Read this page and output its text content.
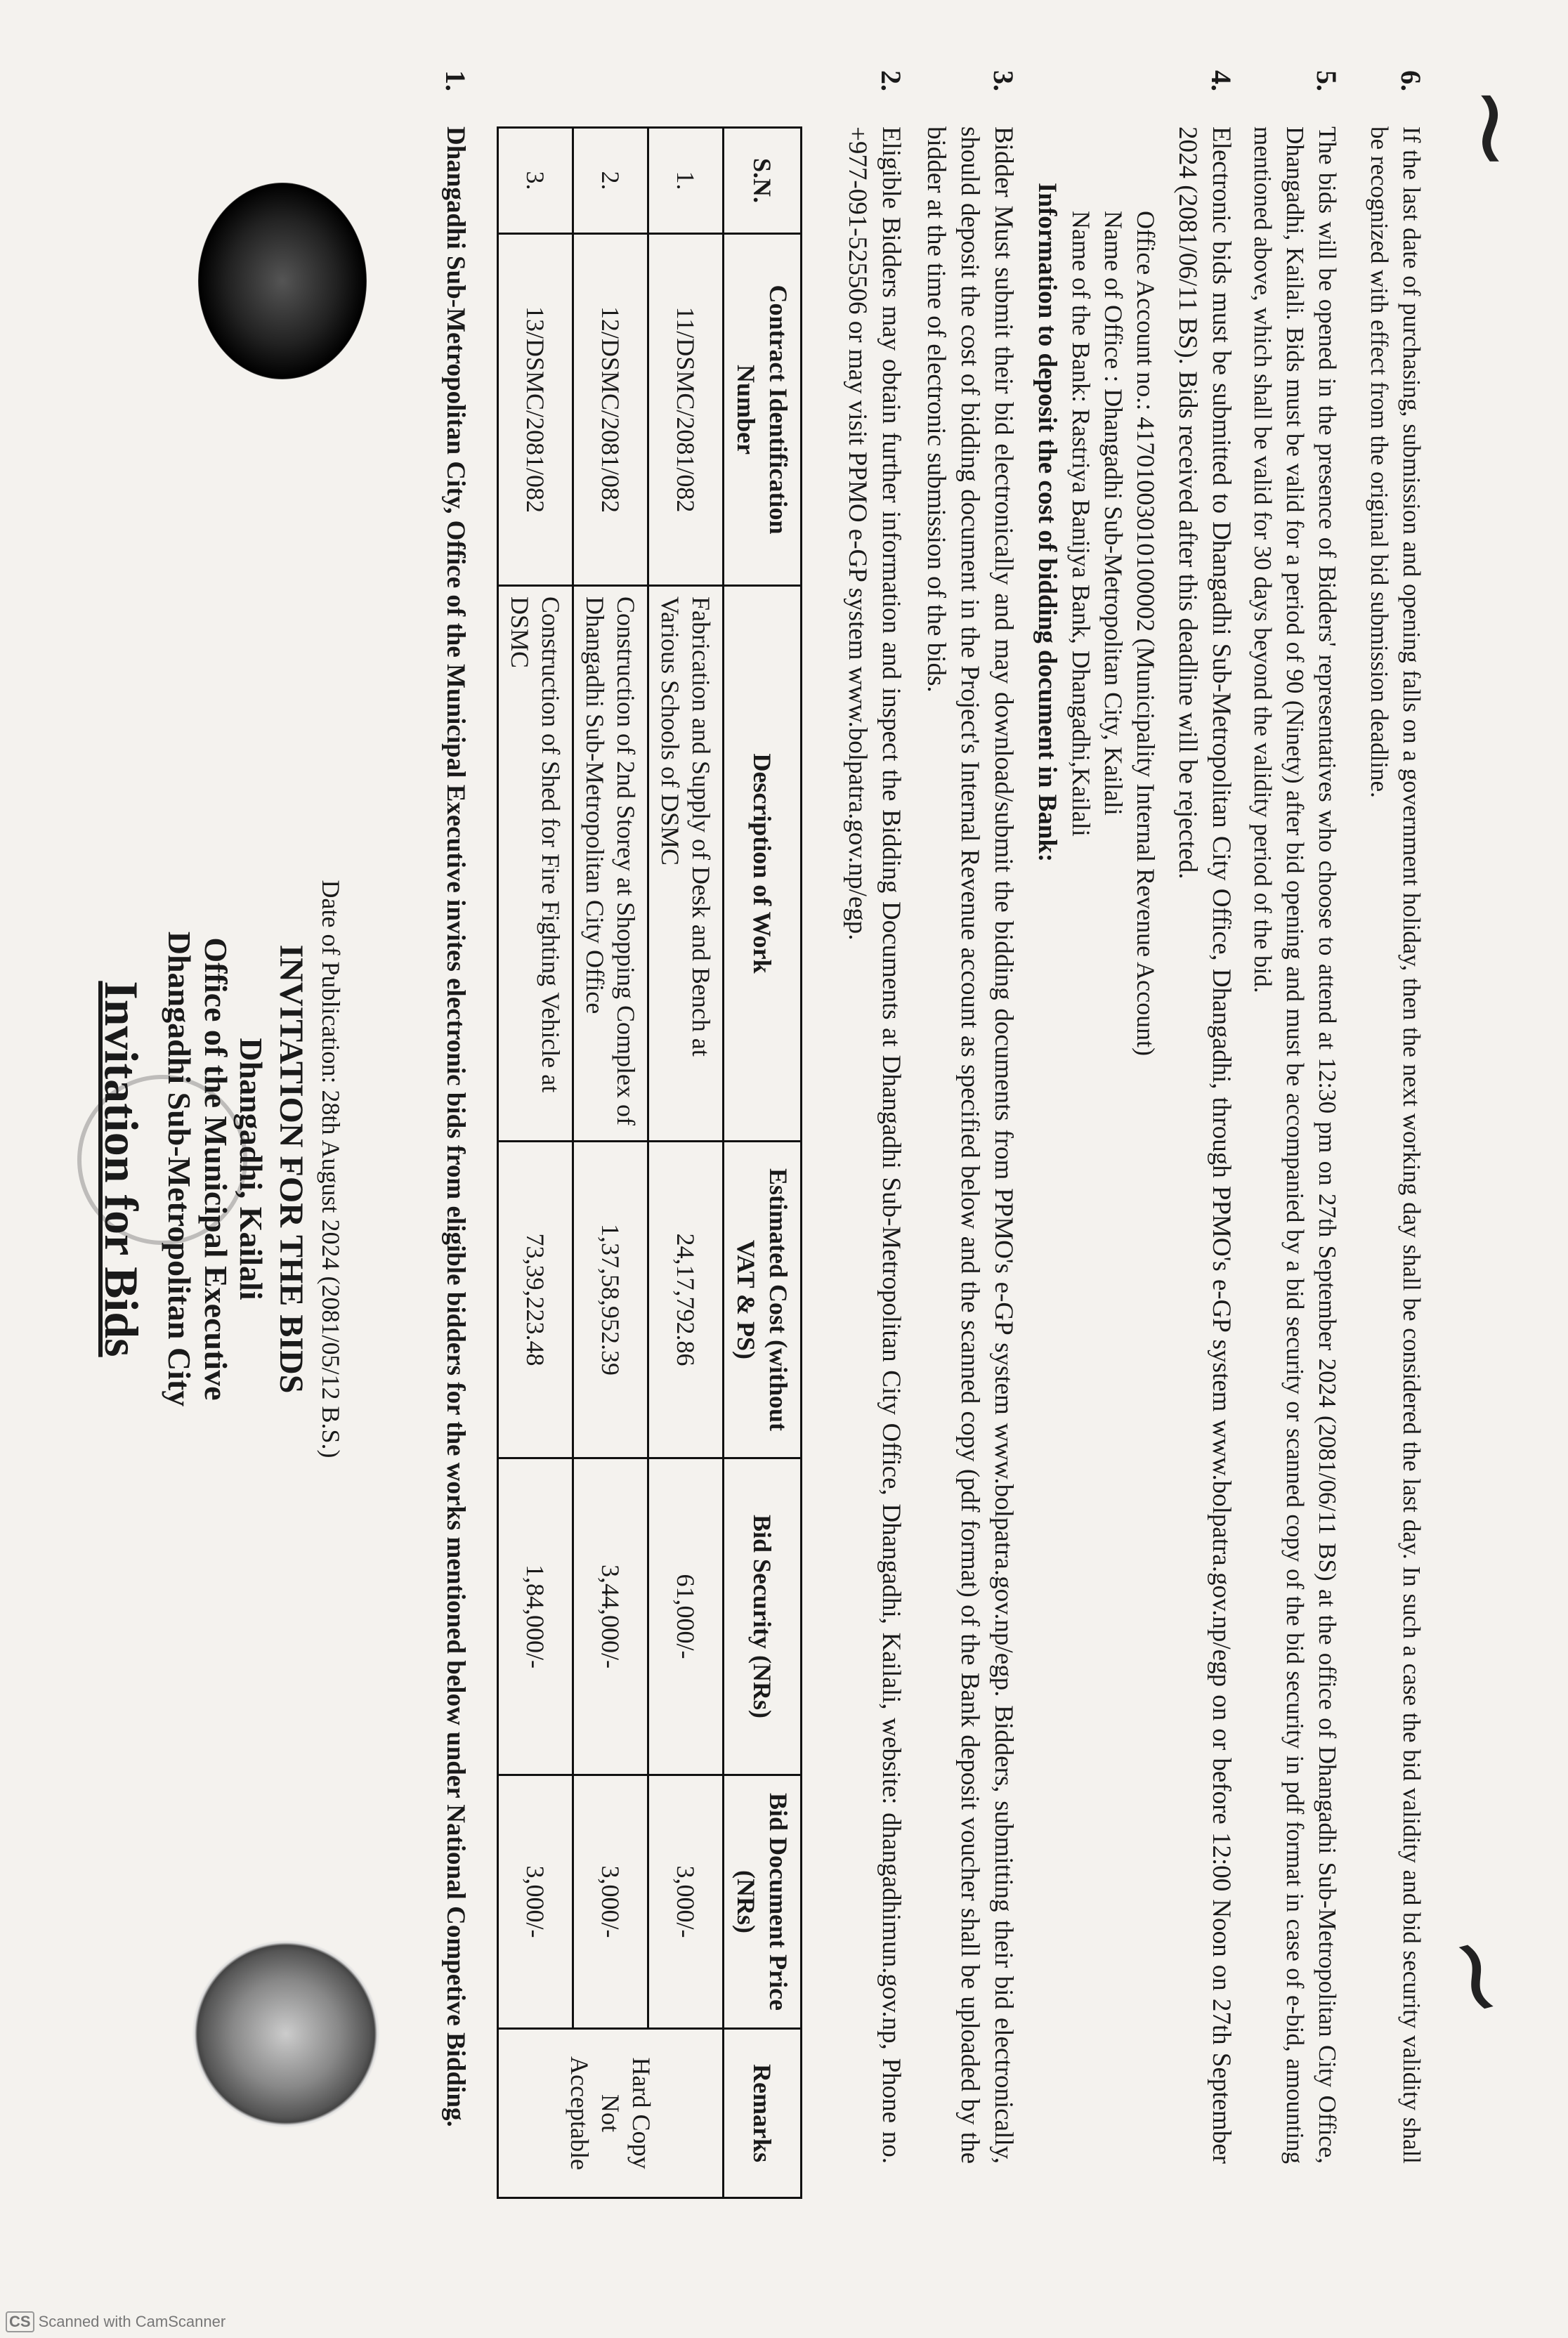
Invitation for Bids Dhangadhi Sub-Metropolitan City Office of the Municipal Executive Dhangadhi, Kailali INVITATION FOR THE BIDS Date of Publication: 28th August 2024 (2081/05/12 B.S.)
1.
Dhangadhi Sub-Metropolitan City, Office of the Municipal Executive invites electronic bids from eligible bidders for the works mentioned below under National Competive Bidding.	S.N.	Contract Identification Number	Description of Work	Estimated Cost (without VAT & PS)	Bid Security (NRs)	Bid Document Price (NRs)	Remarks
1.	11/DSMC/2081/082	Fabrication and Supply of Desk and Bench at Various Schools of DSMC	24,17,792.86	61,000/-	3,000/-	Hard Copy Not Acceptable
2.	12/DSMC/2081/082	Construction of 2nd Storey at Shopping Complex of Dhangadhi Sub-Metropolitan City Office	1,37,58,952.39	3,44,000/-	3,000/-	
3.	13/DSMC/2081/082	Construction of Shed for Fire Fighting Vehicle at DSMC	73,39,223.48	1,84,000/-	3,000/-	
2.
Eligible Bidders may obtain further information and inspect the Bidding Documents at Dhangadhi Sub-Metropolitan City Office, Dhangadhi, Kailali, website: dhangadhimun.gov.np, Phone no. +977-091-525506 or may visit PPMO e-GP system www.bolpatra.gov.np/egp.
3.
Bidder Must submit their bid electronically and may download/submit the bidding documents from PPMO's e-GP system www.bolpatra.gov.np/egp. Bidders, submitting their bid electronically, should deposit the cost of bidding document in the Project's Internal Revenue account as specified below and the scanned copy (pdf format) of the Bank deposit voucher shall be uploaded by the bidder at the time of electronic submission of the bids.	Information to deposit the cost of bidding document in Bank: Name of the Bank: Rastriya Banijya Bank, Dhangadhi,Kailali Name of Office : Dhangadhi Sub-Metropolitan City, Kailali Office Account no.: 41701003010100002 (Municipality Internal Revenue Account)
4.
Electronic bids must be submitted to Dhangadhi Sub-Metropolitan City Office, Dhangadhi, through PPMO's e-GP system www.bolpatra.gov.np/egp on or before 12:00 Noon on 27th September 2024 (2081/06/11 BS). Bids received after this deadline will be rejected.
5.
The bids will be opened in the presence of Bidders' representatives who choose to attend at 12:30 pm on 27th September 2024 (2081/06/11 BS) at the office of Dhangadhi Sub-Metropolitan City Office, Dhangadhi, Kailali. Bids must be valid for a period of 90 (Ninety) after bid opening and must be accompanied by a bid security or scanned copy of the bid security in pdf format in case of e-bid, amounting mentioned above, which shall be valid for 30 days beyond the validity period of the bid.
6.
If the last date of purchasing, submission and opening falls on a government holiday, then the next working day shall be considered the last day. In such a case the bid validity and bid security validity shall be recognized with effect from the original bid submission deadline. ~
~
CS Scanned with CamScanner
